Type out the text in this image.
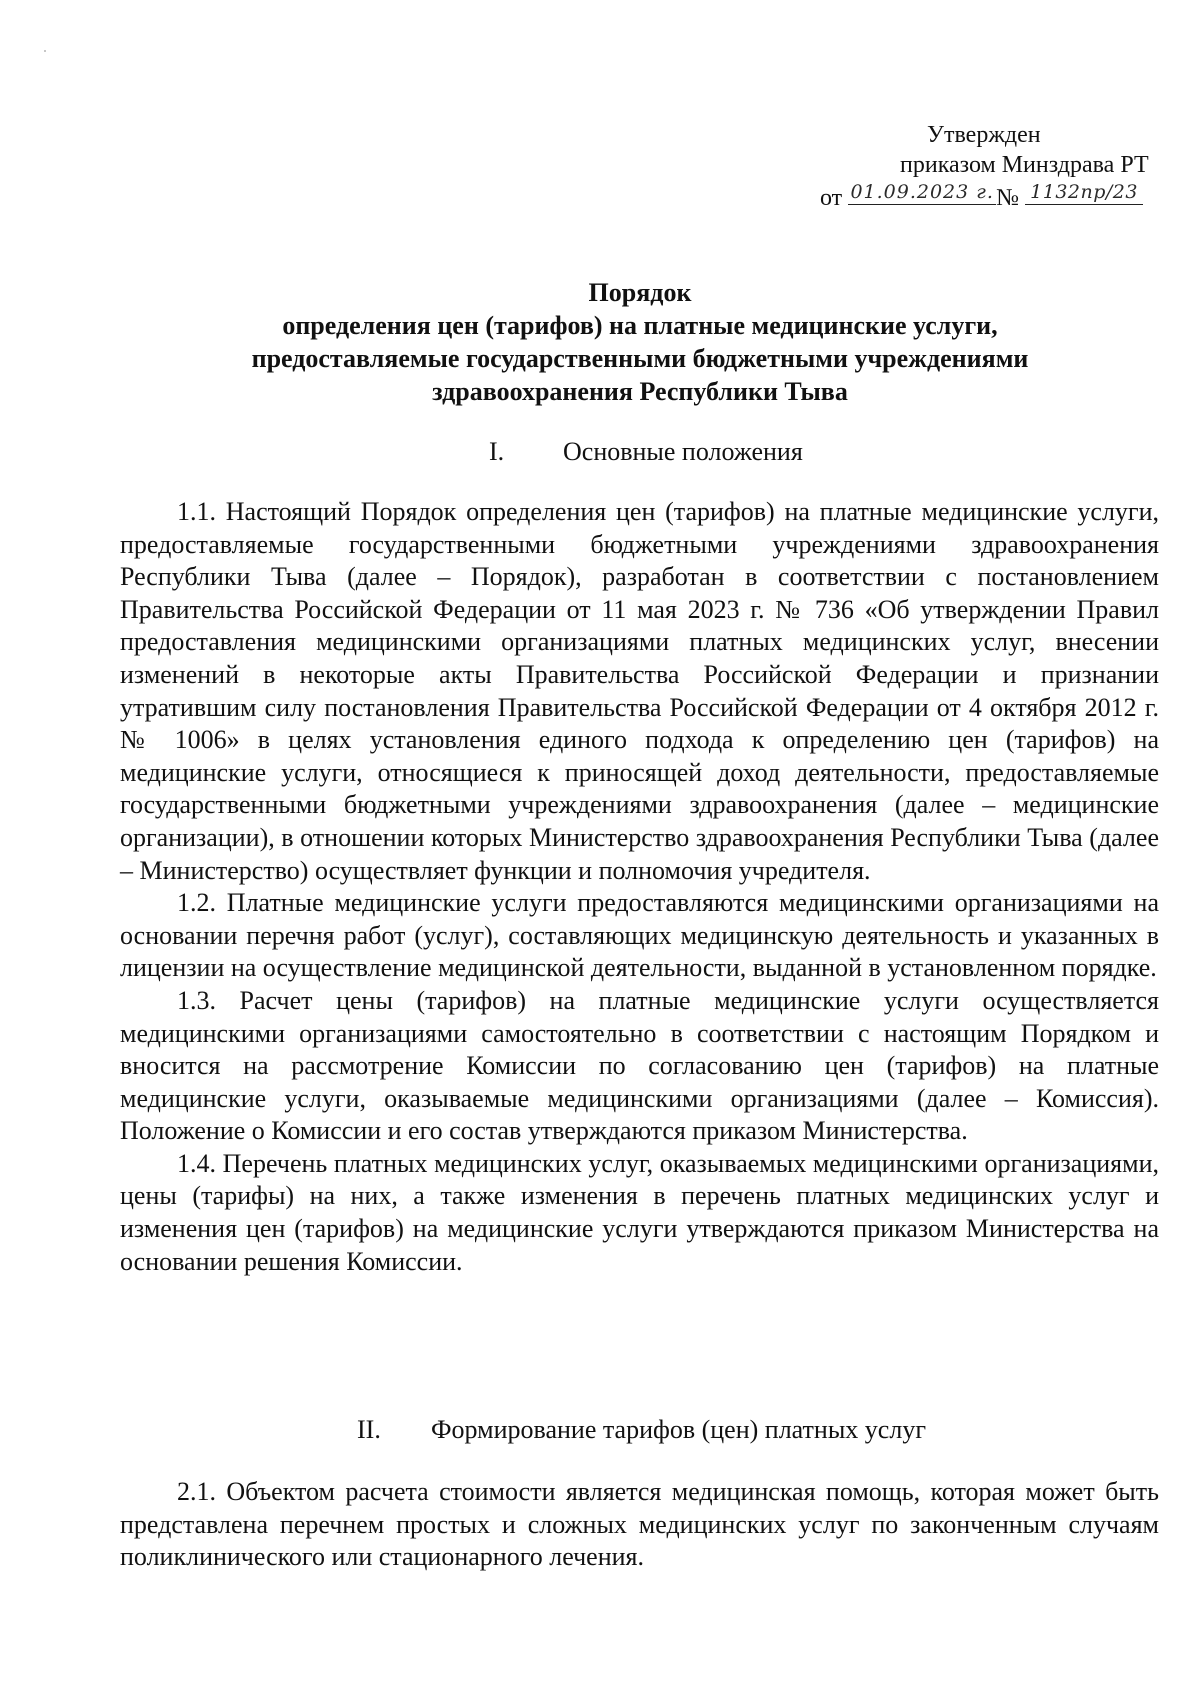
Утвержден
приказом Минздрава РТ
от 01.09.2023 г.№ 1132пр/23
Порядок
определения цен (тарифов) на платные медицинские услуги,
предоставляемые государственными бюджетными учреждениями
здравоохранения Республики Тыва
I. Основные положения

1.1. Настоящий Порядок определения цен (тарифов) на платные медицинские услуги, предоставляемые государственными бюджетными учреждениями здравоохранения Республики Тыва (далее – Порядок), разработан в соответствии с постановлением Правительства Российской Федерации от 11 мая 2023 г. № 736 «Об утверждении Правил предоставления медицинскими организациями платных медицинских услуг, внесении изменений в некоторые акты Правительства Российской Федерации и признании утратившим силу постановления Правительства Российской Федерации от 4 октября 2012 г. № 1006» в целях установления единого подхода к определению цен (тарифов) на медицинские услуги, относящиеся к приносящей доход деятельности, предоставляемые государственными бюджетными учреждениями здравоохранения (далее – медицинские организации), в отношении которых Министерство здравоохранения Республики Тыва (далее – Министерство) осуществляет функции и полномочия учредителя.

1.2. Платные медицинские услуги предоставляются медицинскими организациями на основании перечня работ (услуг), составляющих медицинскую деятельность и указанных в лицензии на осуществление медицинской деятельности, выданной в установленном порядке.

1.3. Расчет цены (тарифов) на платные медицинские услуги осуществляется медицинскими организациями самостоятельно в соответствии с настоящим Порядком и вносится на рассмотрение Комиссии по согласованию цен (тарифов) на платные медицинские услуги, оказываемые медицинскими организациями (далее – Комиссия). Положение о Комиссии и его состав утверждаются приказом Министерства.

1.4. Перечень платных медицинских услуг, оказываемых медицинскими организациями, цены (тарифы) на них, а также изменения в перечень платных медицинских услуг и изменения цен (тарифов) на медицинские услуги утверждаются приказом Министерства на основании решения Комиссии.

II. Формирование тарифов (цен) платных услуг

2.1. Объектом расчета стоимости является медицинская помощь, которая может быть представлена перечнем простых и сложных медицинских услуг по законченным случаям поликлинического или стационарного лечения.
